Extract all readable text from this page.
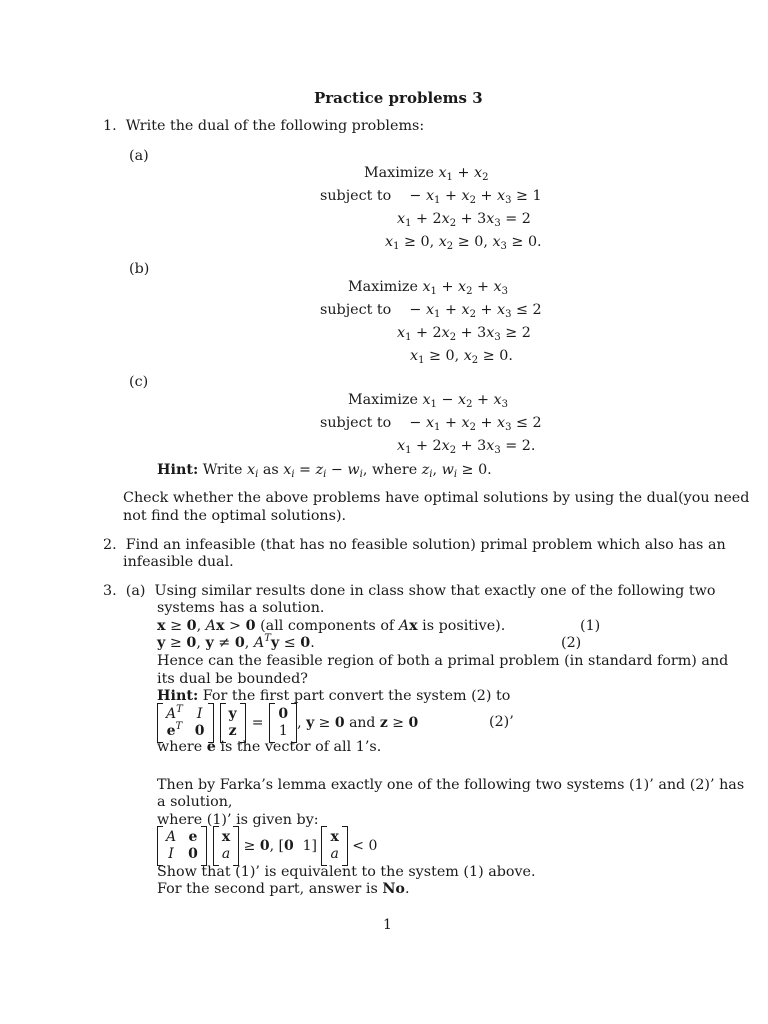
Practice problems 3
1. Write the dual of the following problems:
(a)
Maximize $x_1 + x_2$
subject to    − $x_1 + x_2 + x_3 \ge 1$
$x_1 + 2x_2 + 3x_3 = 2$
$x_1 \ge 0$, $x_2 \ge 0$, $x_3 \ge 0$.
(b)
Maximize $x_1 + x_2 + x_3$
subject to    − $x_1 + x_2 + x_3 \le 2$
$x_1 + 2x_2 + 3x_3 \ge 2$
$x_1 \ge 0$, $x_2 \ge 0$.
(c)
Maximize $x_1 - x_2 + x_3$
subject to    − $x_1 + x_2 + x_3 \le 2$
$x_1 + 2x_2 + 3x_3 = 2$.
Hint: Write $x_i$ as $x_i = z_i - w_i$, where $z_i$, $w_i \ge 0$.
Check whether the above problems have optimal solutions by using the dual(you need
not find the optimal solutions).
2. Find an infeasible (that has no feasible solution) primal problem which also has an
infeasible dual.
3. (a) Using similar results done in class show that exactly one of the following two
systems has a solution.
x ≥ 0, Ax > 0 (all components of Ax is positive).	(1)
y ≥ 0, y ≠ 0, $A^Ty \le 0$.	(2)
Hence can the feasible region of both a primal problem (in standard form) and
its dual be bounded?
Hint: For the first part convert the system (2) to
$A^T$ I
$e^T$ 0
y
z =
0
1 , y ≥ 0 and z ≥ 0	(2)’
where e is the vector of all 1’s.
Then by Farka’s lemma exactly one of the following two systems (1)’ and (2)’ has
a solution,
where (1)’ is given by:
A e
I 0
x
a ≥ 0, [0  1]
x
a < 0
Show that (1)’ is equivalent to the system (1) above.
For the second part, answer is No.
1
